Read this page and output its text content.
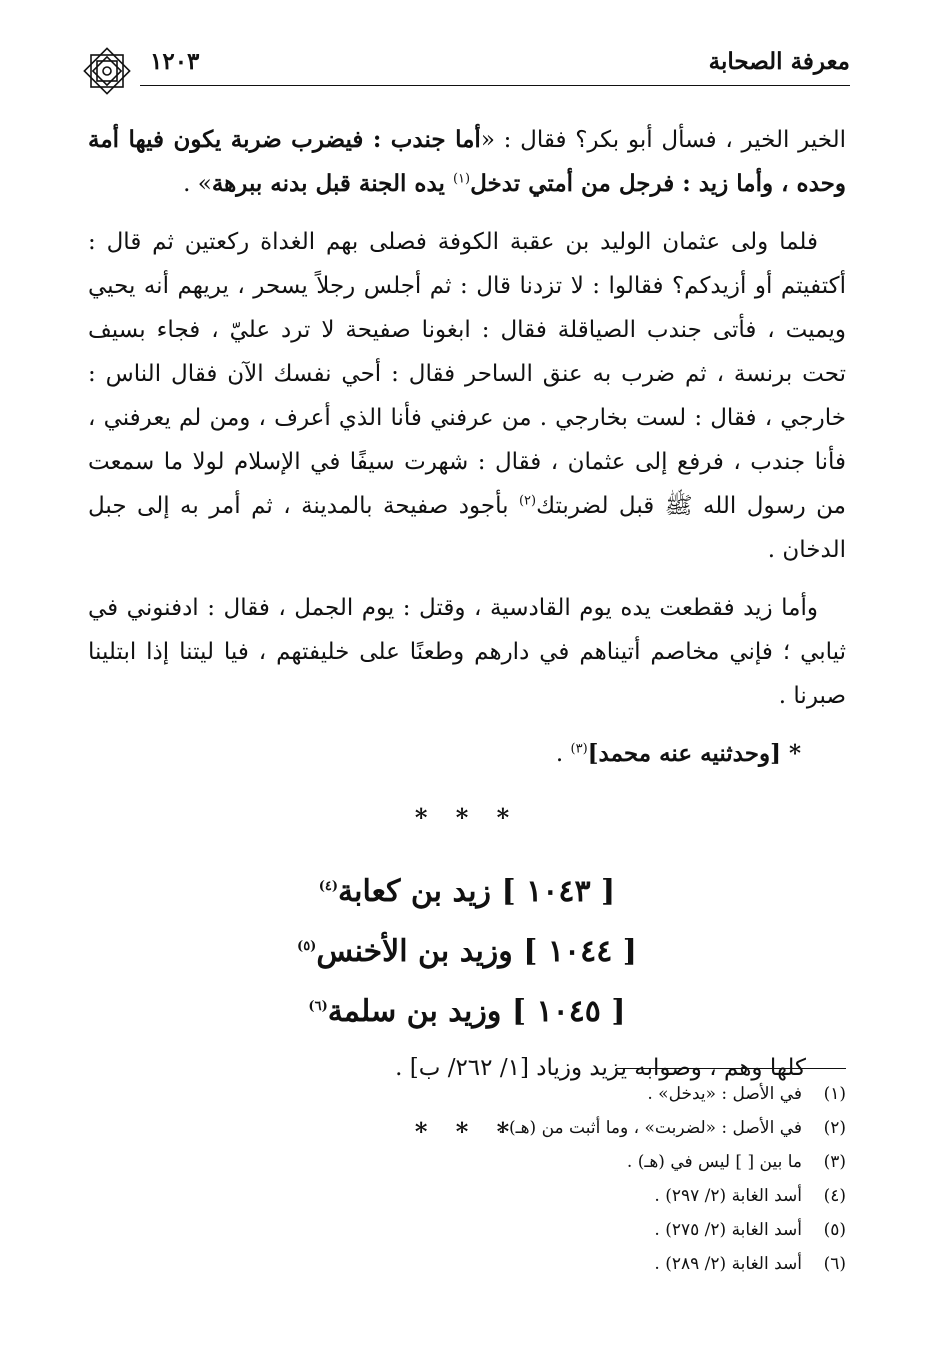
معرفة الصحابة
١٢٠٣

الخير الخير ، فسأل أبو بكر؟ فقال : «أما جندب : فيضرب ضربة يكون فيها أمة وحده ، وأما زيد : فرجل من أمتي تدخل$^{(١)}$ يده الجنة قبل بدنه ببرهة» .

فلما ولى عثمان الوليد بن عقبة الكوفة فصلى بهم الغداة ركعتين ثم قال : أكتفيتم أو أزيدكم؟ فقالوا : لا تزدنا قال : ثم أجلس رجلاً يسحر ، يريهم أنه يحيي ويميت ، فأتى جندب الصياقلة فقال : ابغونا صفيحة لا ترد عليّ ، فجاء بسيف تحت برنسة ، ثم ضرب به عنق الساحر فقال : أحي نفسك الآن فقال الناس : خارجي ، فقال : لست بخارجي . من عرفني فأنا الذي أعرف ، ومن لم يعرفني ، فأنا جندب ، فرفع إلى عثمان ، فقال : شهرت سيفًا في الإسلام لولا ما سمعت من رسول الله ﷺ قبل لضربتك$^{(٢)}$ بأجود صفيحة بالمدينة ، ثم أمر به إلى جبل الدخان .

وأما زيد فقطعت يده يوم القادسية ، وقتل : يوم الجمل ، فقال : ادفنوني في ثيابي ؛ فإني مخاصم أتيناهم في دارهم وطعنًا على خليفتهم ، فيا ليتنا إذا ابتلينا صبرنا .

* [وحدثنيه عنه محمد]$^{(٣)}$ .
* * *
[ ١٠٤٣ ] زيد بن كعابة$^{(٤)}$
[ ١٠٤٤ ] وزيد بن الأخنس$^{(٥)}$
[ ١٠٤٥ ] وزيد بن سلمة$^{(٦)}$
كلها وهم ، وصوابه يزيد وزياد [١/ ٢٦٢/ ب] .
* * *
(١)
في الأصل : «يدخل» .
(٢)
في الأصل : «لضربت» ، وما أثبت من (هـ) .
(٣)
ما بين [ ] ليس في (هـ) .
(٤)
أسد الغابة (٢/ ٢٩٧) .
(٥)
أسد الغابة (٢/ ٢٧٥) .
(٦)
أسد الغابة (٢/ ٢٨٩) .
